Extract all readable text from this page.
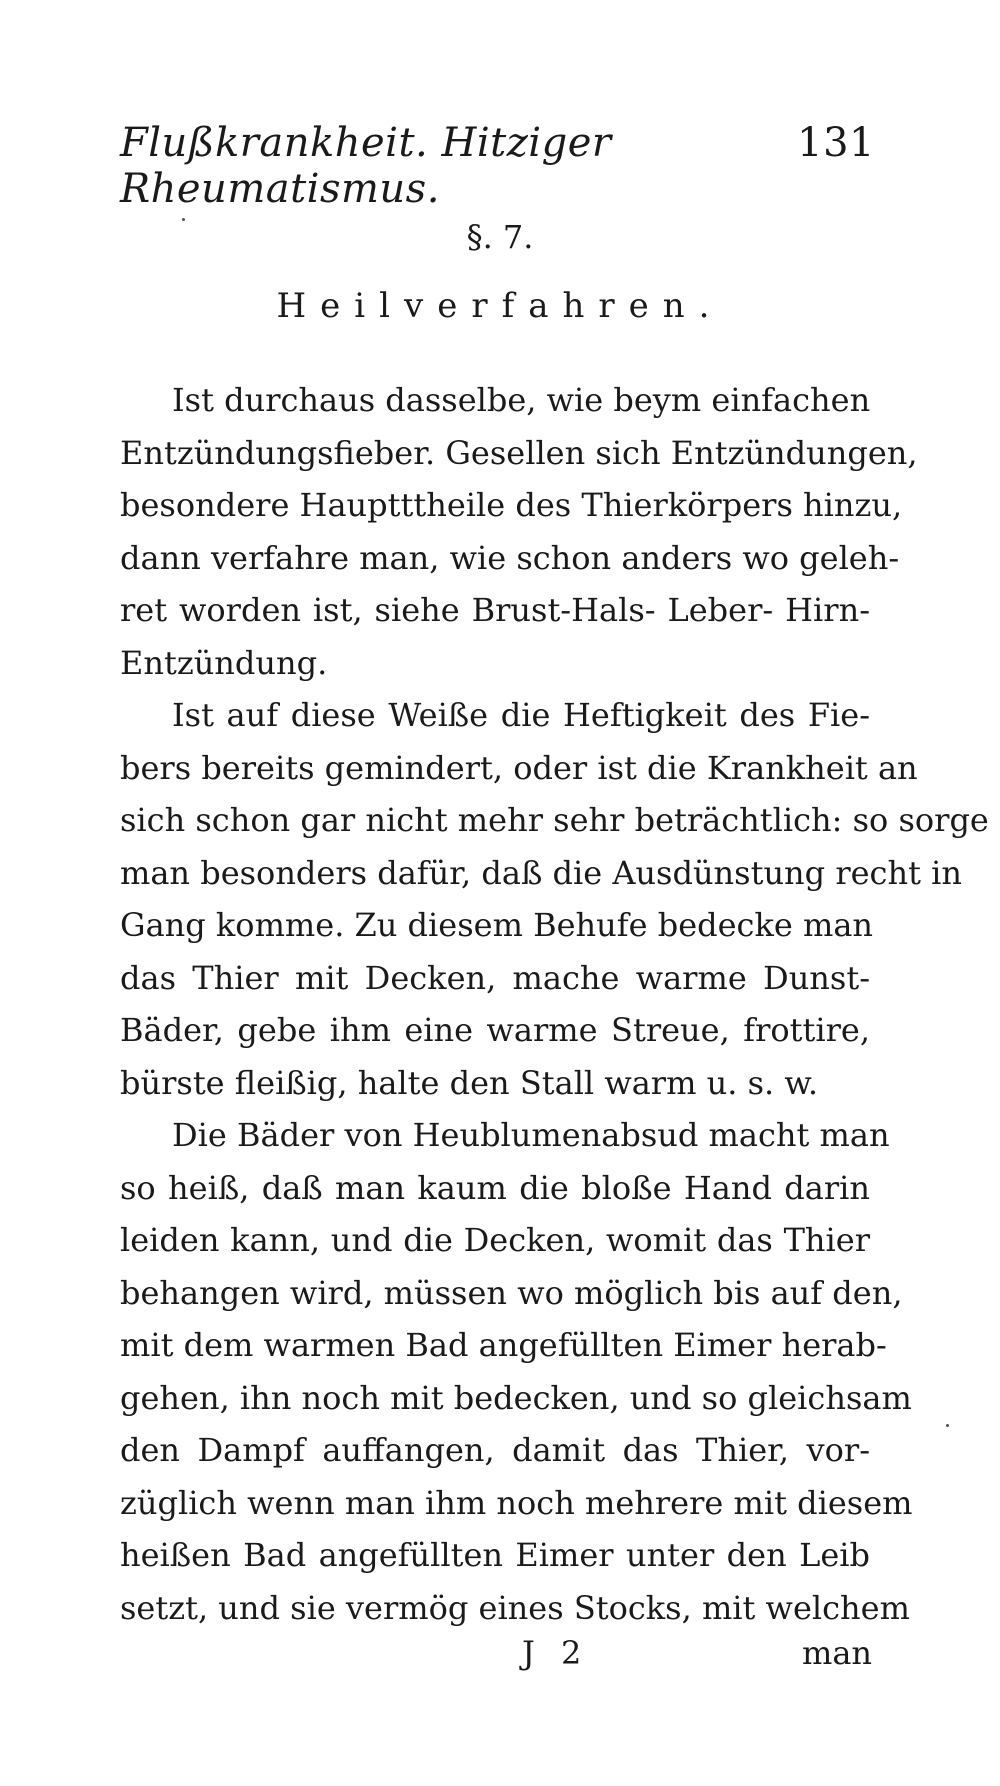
Flußkrankheit. Hitziger Rheumatismus.
131
§. 7.
Heilverfahren.
Ist durchaus dasselbe, wie beym einfachen
Entzündungsfieber. Gesellen sich Entzündungen,
besondere Hauptttheile des Thierkörpers hinzu,
dann verfahre man, wie schon anders wo geleh-
ret worden ist, siehe Brust-Hals- Leber- Hirn-
Entzündung.
Ist auf diese Weiße die Heftigkeit des Fie-
bers bereits gemindert, oder ist die Krankheit an
sich schon gar nicht mehr sehr beträchtlich: so sorge
man besonders dafür, daß die Ausdünstung recht in
Gang komme. Zu diesem Behufe bedecke man
das Thier mit Decken, mache warme Dunst-
Bäder, gebe ihm eine warme Streue, frottire,
bürste fleißig, halte den Stall warm u. s. w.
Die Bäder von Heublumenabsud macht man
so heiß, daß man kaum die bloße Hand darin
leiden kann, und die Decken, womit das Thier
behangen wird, müssen wo möglich bis auf den,
mit dem warmen Bad angefüllten Eimer herab-
gehen, ihn noch mit bedecken, und so gleichsam
den Dampf auffangen, damit das Thier, vor-
züglich wenn man ihm noch mehrere mit diesem
heißen Bad angefüllten Eimer unter den Leib
setzt, und sie vermög eines Stocks, mit welchem
J 2	man
